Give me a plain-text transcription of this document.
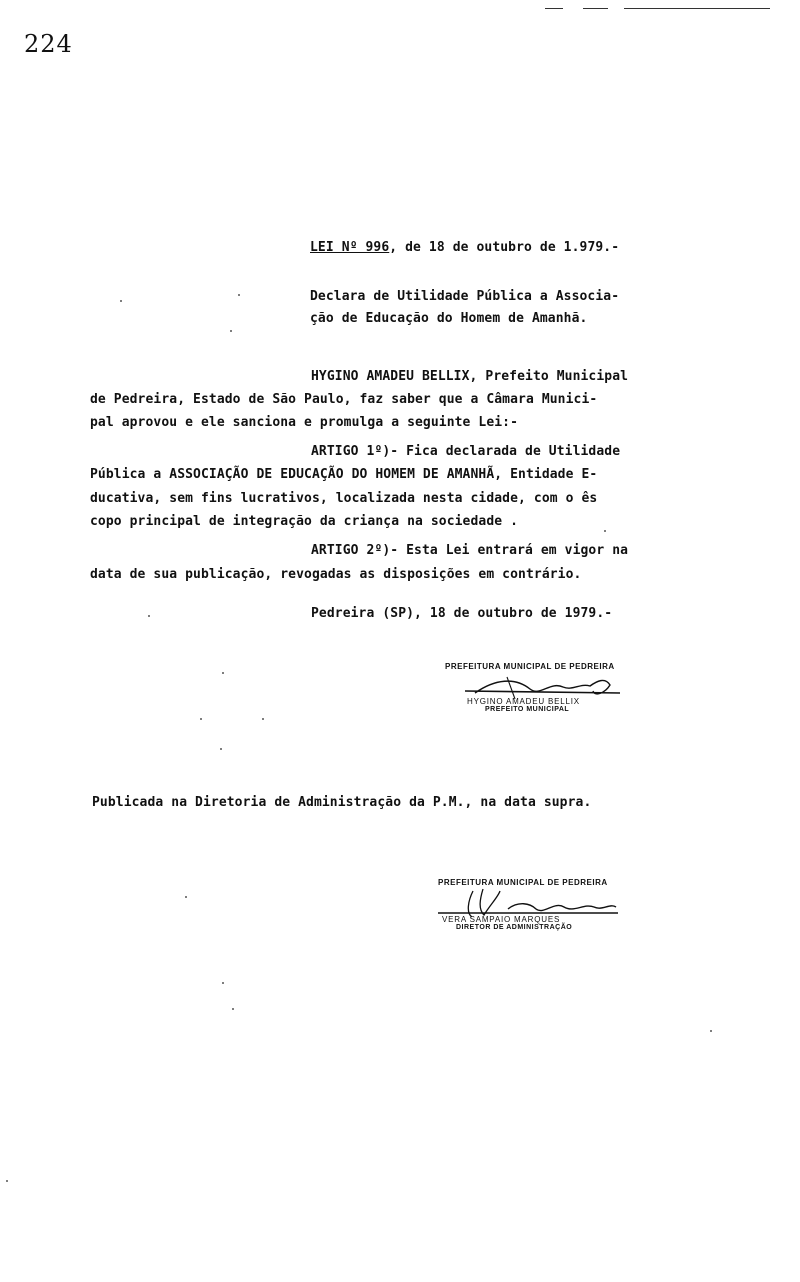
224
LEI Nº 996, de 18 de outubro de 1.979.-
Declara de Utilidade Pública a Associa-
ção de Educação do Homem de Amanhã.
HYGINO AMADEU BELLIX, Prefeito Municipal
de Pedreira, Estado de São Paulo, faz saber que a Câmara Munici-
pal aprovou e ele sanciona e promulga a seguinte Lei:-
ARTIGO 1º)- Fica declarada de Utilidade
Pública a ASSOCIAÇÃO DE EDUCAÇÃO DO HOMEM DE AMANHÃ, Entidade E-
ducativa, sem fins lucrativos, localizada nesta cidade, com o ês
copo principal de integração da criança na sociedade .
ARTIGO 2º)- Esta Lei entrará em vigor na
data de sua publicação, revogadas as disposições em contrário.
Pedreira (SP), 18 de outubro de 1979.-
PREFEITURA MUNICIPAL DE PEDREIRA
HYGINO AMADEU BELLIX
PREFEITO MUNICIPAL
Publicada na Diretoria de Administração da P.M., na data supra.
PREFEITURA MUNICIPAL DE PEDREIRA
VERA SAMPAIO MARQUES
DIRETOR DE ADMINISTRAÇÃO
